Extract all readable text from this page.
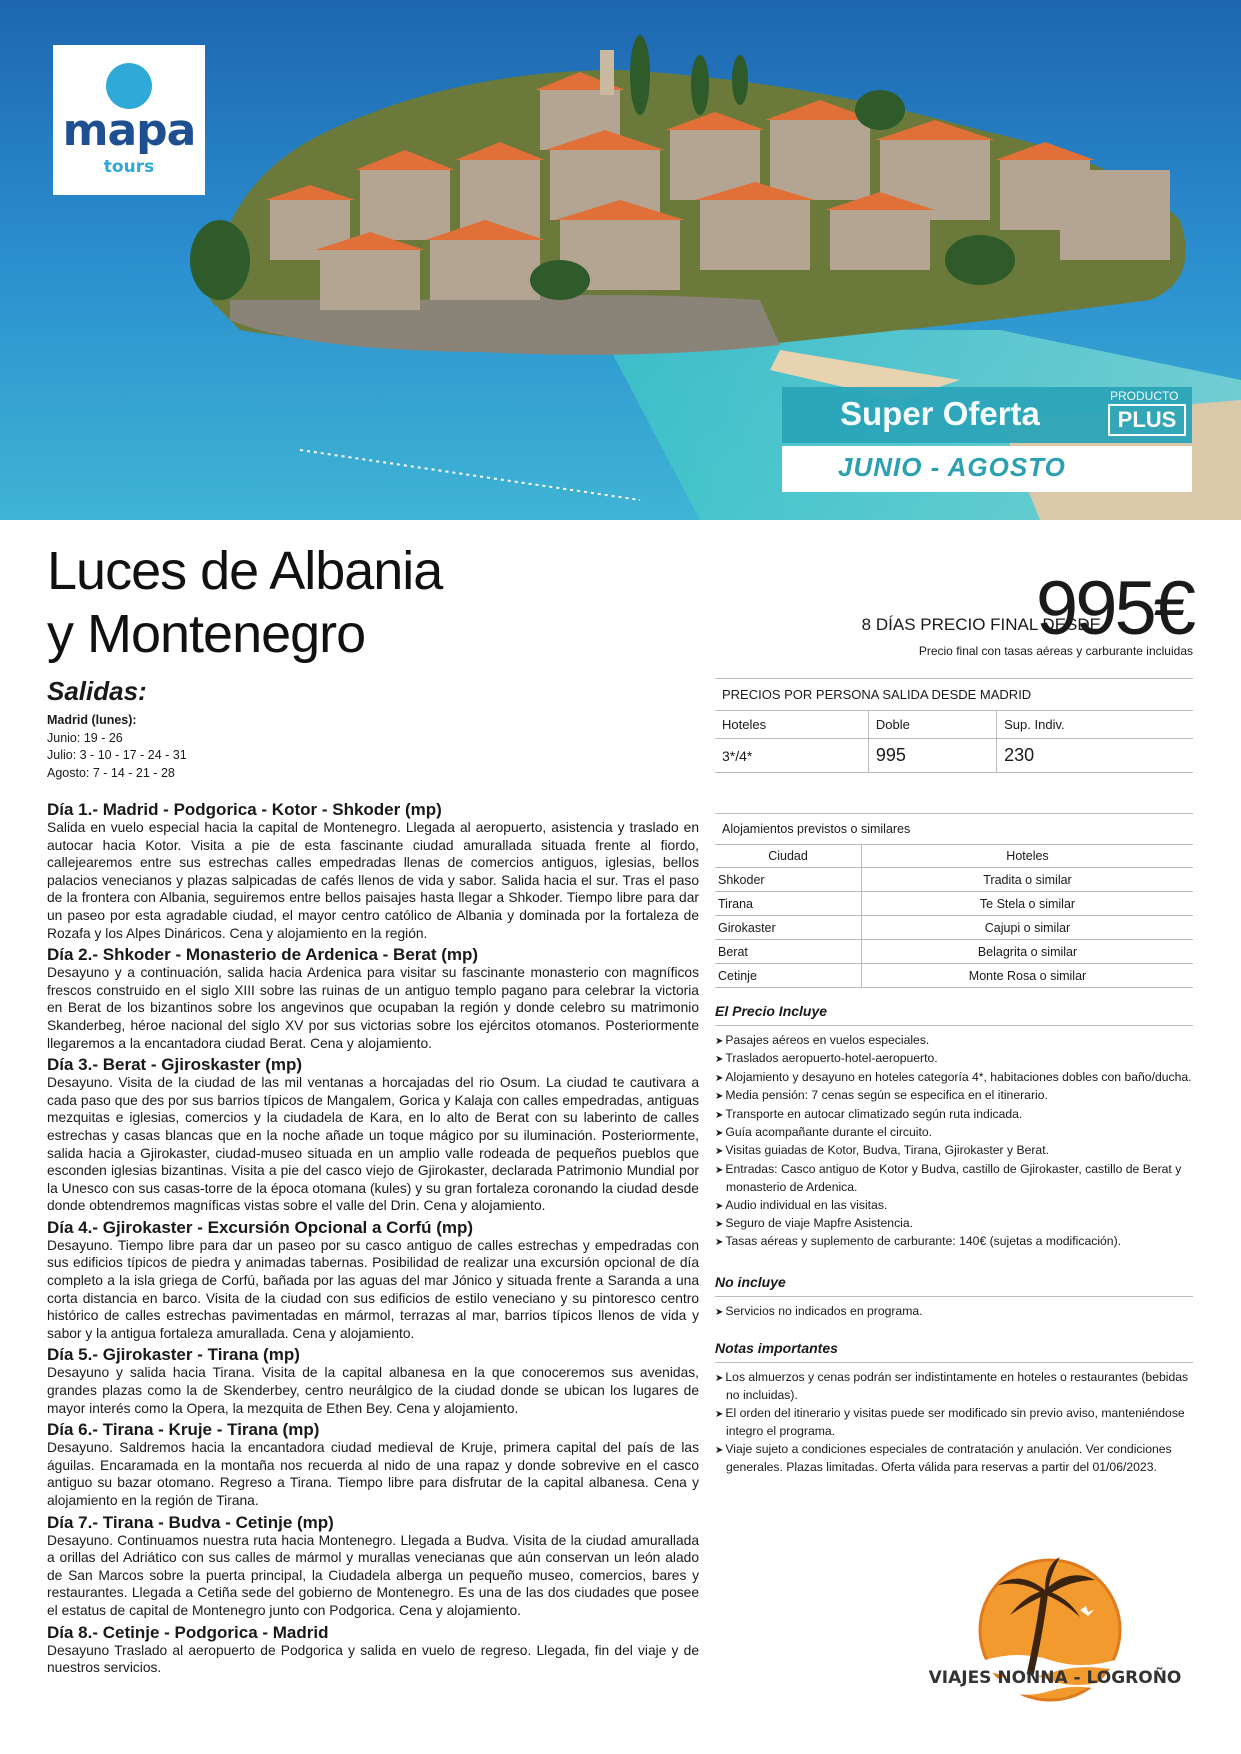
mapa
tours
Super Oferta	PRODUCTO
PLUS
JUNIO - AGOSTO
Luces de Albania
y Montenegro	995€
8 DÍAS PRECIO FINAL DESDE
Precio final con tasas aéreas y carburante incluidas
Salidas:
Madrid (lunes):
Junio: 19 - 26
Julio: 3 - 10 - 17 - 24 - 31
Agosto: 7 - 14 - 21 - 28
Día 1.- Madrid - Podgorica - Kotor - Shkoder (mp)

Salida en vuelo especial hacia la capital de Montenegro. Llegada al aeropuerto, asistencia y traslado en autocar hacia Kotor. Visita a pie de esta fascinante ciudad amurallada situada frente al fiordo, callejearemos entre sus estrechas calles empedradas llenas de comercios antiguos, iglesias, bellos palacios venecianos y plazas salpicadas de cafés llenos de vida y sabor. Salida hacia el sur. Tras el paso de la frontera con Albania, seguiremos entre bellos paisajes hasta llegar a Shkoder. Tiempo libre para dar un paseo por esta agradable ciudad, el mayor centro católico de Albania y dominada por la fortaleza de Rozafa y los Alpes Dináricos. Cena y alojamiento en la región.

Día 2.- Shkoder - Monasterio de Ardenica - Berat (mp)

Desayuno y a continuación, salida hacia Ardenica para visitar su fascinante monasterio con magníficos frescos construido en el siglo XIII sobre las ruinas de un antiguo templo pagano para celebrar la victoria en Berat de los bizantinos sobre los angevinos que ocupaban la región y donde celebro su matrimonio Skanderbeg, héroe nacional del siglo XV por sus victorias sobre los ejércitos otomanos. Posteriormente llegaremos a la encantadora ciudad Berat. Cena y alojamiento.

Día 3.- Berat - Gjiroskaster (mp)

Desayuno. Visita de la ciudad de las mil ventanas a horcajadas del rio Osum. La ciudad te cautivara a cada paso que des por sus barrios típicos de Mangalem, Gorica y Kalaja con calles empedradas, antiguas mezquitas e iglesias, comercios y la ciudadela de Kara, en lo alto de Berat con su laberinto de calles estrechas y casas blancas que en la noche añade un toque mágico por su iluminación. Posteriormente, salida hacia a Gjirokaster, ciudad-museo situada en un amplio valle rodeada de pequeños pueblos que esconden iglesias bizantinas. Visita a pie del casco viejo de Gjirokaster, declarada Patrimonio Mundial por la Unesco con sus casas-torre de la época otomana (kules) y su gran fortaleza coronando la ciudad desde donde obtendremos magníficas vistas sobre el valle del Drin. Cena y alojamiento.

Día 4.- Gjirokaster - Excursión Opcional a Corfú (mp)

Desayuno. Tiempo libre para dar un paseo por su casco antiguo de calles estrechas y empedradas con sus edificios típicos de piedra y animadas tabernas. Posibilidad de realizar una excursión opcional de día completo a la isla griega de Corfú, bañada por las aguas del mar Jónico y situada frente a Saranda a una corta distancia en barco. Visita de la ciudad con sus edificios de estilo veneciano y su pintoresco centro histórico de calles estrechas pavimentadas en mármol, terrazas al mar, barrios típicos llenos de vida y sabor y la antigua fortaleza amurallada. Cena y alojamiento.

Día 5.- Gjirokaster - Tirana (mp)

Desayuno y salida hacia Tirana. Visita de la capital albanesa en la que conoceremos sus avenidas, grandes plazas como la de Skenderbey, centro neurálgico de la ciudad donde se ubican los lugares de mayor interés como la Opera, la mezquita de Ethen Bey. Cena y alojamiento.

Día 6.- Tirana - Kruje - Tirana (mp)

Desayuno. Saldremos hacia la encantadora ciudad medieval de Kruje, primera capital del país de las águilas. Encaramada en la montaña nos recuerda al nido de una rapaz y donde sobrevive en el casco antiguo su bazar otomano. Regreso a Tirana. Tiempo libre para disfrutar de la capital albanesa. Cena y alojamiento en la región de Tirana.

Día 7.- Tirana - Budva - Cetinje (mp)

Desayuno. Continuamos nuestra ruta hacia Montenegro. Llegada a Budva. Visita de la ciudad amurallada a orillas del Adriático con sus calles de mármol y murallas venecianas que aún conservan un león alado de San Marcos sobre la puerta principal, la Ciudadela alberga un pequeño museo, comercios, bares y restaurantes. Llegada a Cetiña sede del gobierno de Montenegro. Es una de las dos ciudades que posee el estatus de capital de Montenegro junto con Podgorica. Cena y alojamiento.

Día 8.- Cetinje - Podgorica - Madrid

Desayuno Traslado al aeropuerto de Podgorica y salida en vuelo de regreso. Llegada, fin del viaje y de nuestros servicios.

PRECIOS POR PERSONA SALIDA DESDE MADRID
Hoteles	Doble	Sup. Indiv.
3*/4*	995	230
Alojamientos previstos o similares
Ciudad	Hoteles
Shkoder	Tradita o similar
Tirana	Te Stela o similar
Girokaster	Cajupi o similar
Berat	Belagrita o similar
Cetinje	Monte Rosa o similar
El Precio Incluye
➤ Pasajes aéreos en vuelos especiales.
➤ Traslados aeropuerto-hotel-aeropuerto.
➤ Alojamiento y desayuno en hoteles categoría 4*, habitaciones dobles con baño/ducha.
➤ Media pensión: 7 cenas según se especifica en el itinerario.
➤ Transporte en autocar climatizado según ruta indicada.
➤ Guía acompañante durante el circuito.
➤ Visitas guiadas de Kotor, Budva, Tirana, Gjirokaster y Berat.
➤ Entradas: Casco antiguo de Kotor y Budva, castillo de Gjirokaster, castillo de Berat y monasterio de Ardenica.
➤ Audio individual en las visitas.
➤ Seguro de viaje Mapfre Asistencia.
➤ Tasas aéreas y suplemento de carburante: 140€ (sujetas a modificación).
No incluye
➤ Servicios no indicados en programa.
Notas importantes
➤ Los almuerzos y cenas podrán ser indistintamente en hoteles o restaurantes (bebidas no incluidas).
➤ El orden del itinerario y visitas puede ser modificado sin previo aviso, manteniéndose integro el programa.
➤ Viaje sujeto a condiciones especiales de contratación y anulación. Ver condiciones generales. Plazas limitadas. Oferta válida para reservas a partir del 01/06/2023.
VIAJES NONNA - LOGROÑO
